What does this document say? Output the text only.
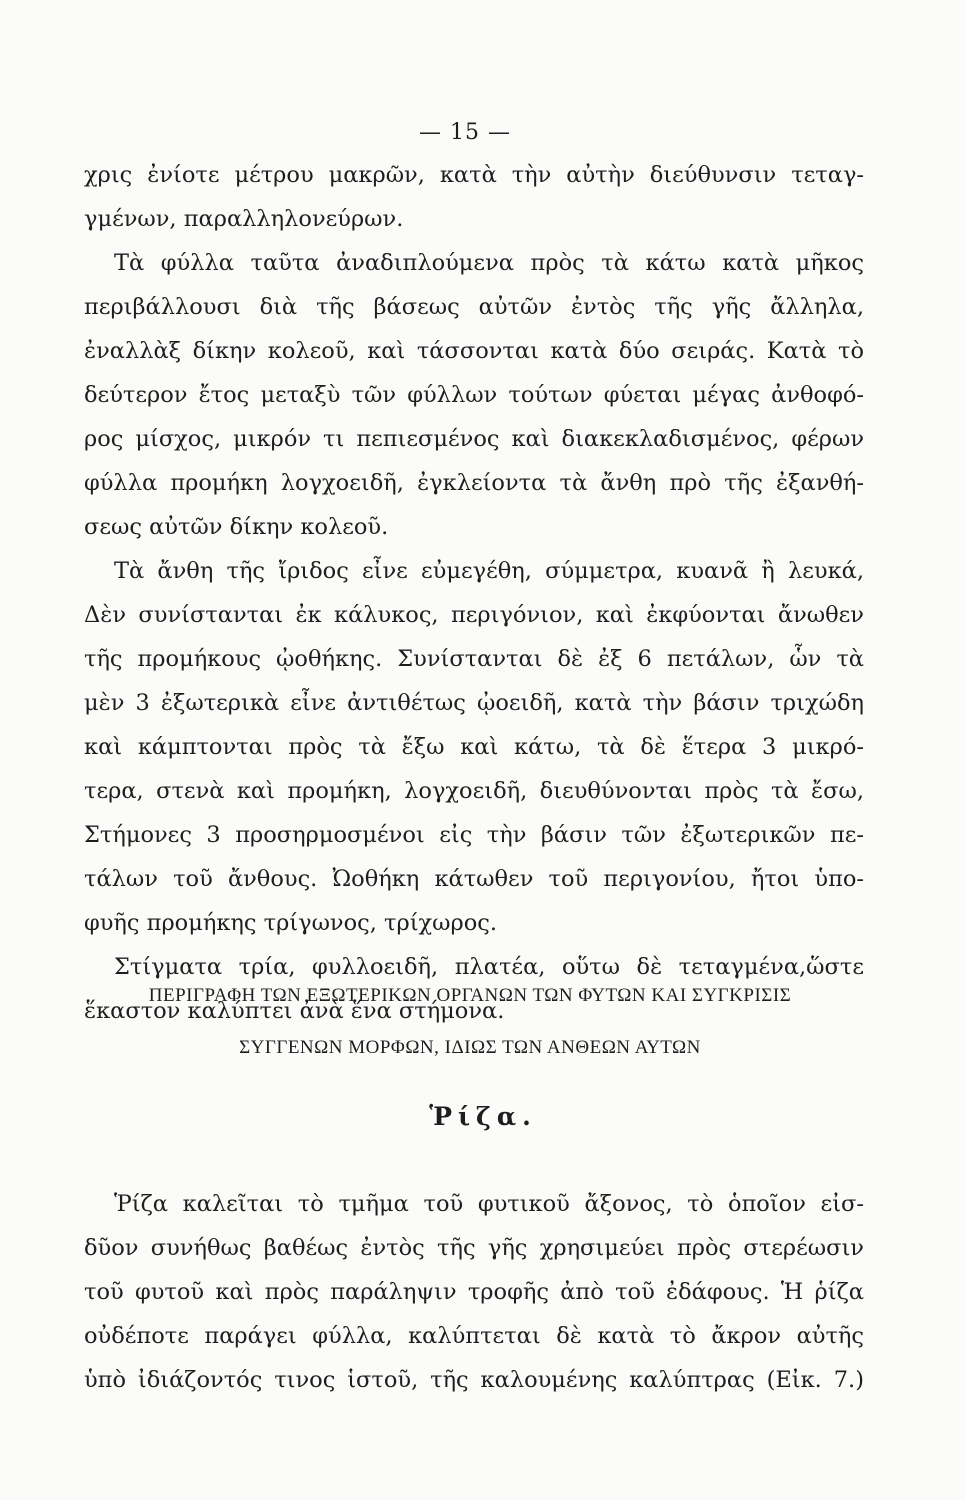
— 15 —
χρις ἐνίοτε μέτρου μακρῶν, κατὰ τὴν αὐτὴν διεύθυνσιν τεταγ-
γμένων, παραλληλονεύρων.
Τὰ φύλλα ταῦτα ἀναδιπλούμενα πρὸς τὰ κάτω κατὰ μῆκος
περιβάλλουσι διὰ τῆς βάσεως αὐτῶν ἐντὸς τῆς γῆς ἄλληλα,
ἐναλλὰξ δίκην κολεοῦ, καὶ τάσσονται κατὰ δύο σειράς. Κατὰ τὸ
δεύτερον ἔτος μεταξὺ τῶν φύλλων τούτων φύεται μέγας ἀνθοφό-
ρος μίσχος, μικρόν τι πεπιεσμένος καὶ διακεκλαδισμένος, φέρων
φύλλα προμήκη λογχοειδῆ, ἐγκλείοντα τὰ ἄνθη πρὸ τῆς ἐξανθή-
σεως αὐτῶν δίκην κολεοῦ.
Τὰ ἄνθη τῆς ἴριδος εἶνε εὐμεγέθη, σύμμετρα, κυανᾶ ἢ λευκά,
Δὲν συνίστανται ἐκ κάλυκος, περιγόνιον, καὶ ἐκφύονται ἄνωθεν
τῆς προμήκους ᾠοθήκης. Συνίστανται δὲ ἐξ 6 πετάλων, ὧν τὰ
μὲν 3 ἐξωτερικὰ εἶνε ἀντιθέτως ᾠοειδῆ, κατὰ τὴν βάσιν τριχώδη
καὶ κάμπτονται πρὸς τὰ ἔξω καὶ κάτω, τὰ δὲ ἕτερα 3 μικρό-
τερα, στενὰ καὶ προμήκη, λογχοειδῆ, διευθύνονται πρὸς τὰ ἔσω,
Στήμονες 3 προσηρμοσμένοι εἰς τὴν βάσιν τῶν ἐξωτερικῶν πε-
τάλων τοῦ ἄνθους. Ὠοθήκη κάτωθεν τοῦ περιγονίου, ἤτοι ὑπο-
φυῆς προμήκης τρίγωνος, τρίχωρος.
Στίγματα τρία, φυλλοειδῆ, πλατέα, οὕτω δὲ τεταγμένα,ὥστε
ἕκαστον καλύπτει ἀνὰ ἕνα στήμονα.
ΠΕΡΙΓΡΑΦΗ ΤΩΝ ΕΞΩΤΕΡΙΚΩΝ ΟΡΓΑΝΩΝ ΤΩΝ ΦΥΤΩΝ ΚΑΙ ΣΥΓΚΡΙΣΙΣ
ΣΥΓΓΕΝΩΝ ΜΟΡΦΩΝ, ΙΔΙΩΣ ΤΩΝ ΑΝΘΕΩΝ ΑΥΤΩΝ
Ῥίζα.
Ῥίζα καλεῖται τὸ τμῆμα τοῦ φυτικοῦ ἄξονος, τὸ ὁποῖον εἰσ-
δῦον συνήθως βαθέως ἐντὸς τῆς γῆς χρησιμεύει πρὸς στερέωσιν
τοῦ φυτοῦ καὶ πρὸς παράληψιν τροφῆς ἀπὸ τοῦ ἐδάφους. Ἡ ῥίζα
οὐδέποτε παράγει φύλλα, καλύπτεται δὲ κατὰ τὸ ἄκρον αὐτῆς
ὑπὸ ἰδιάζοντός τινος ἱστοῦ, τῆς καλουμένης καλύπτρας (Εἰκ. 7.)
